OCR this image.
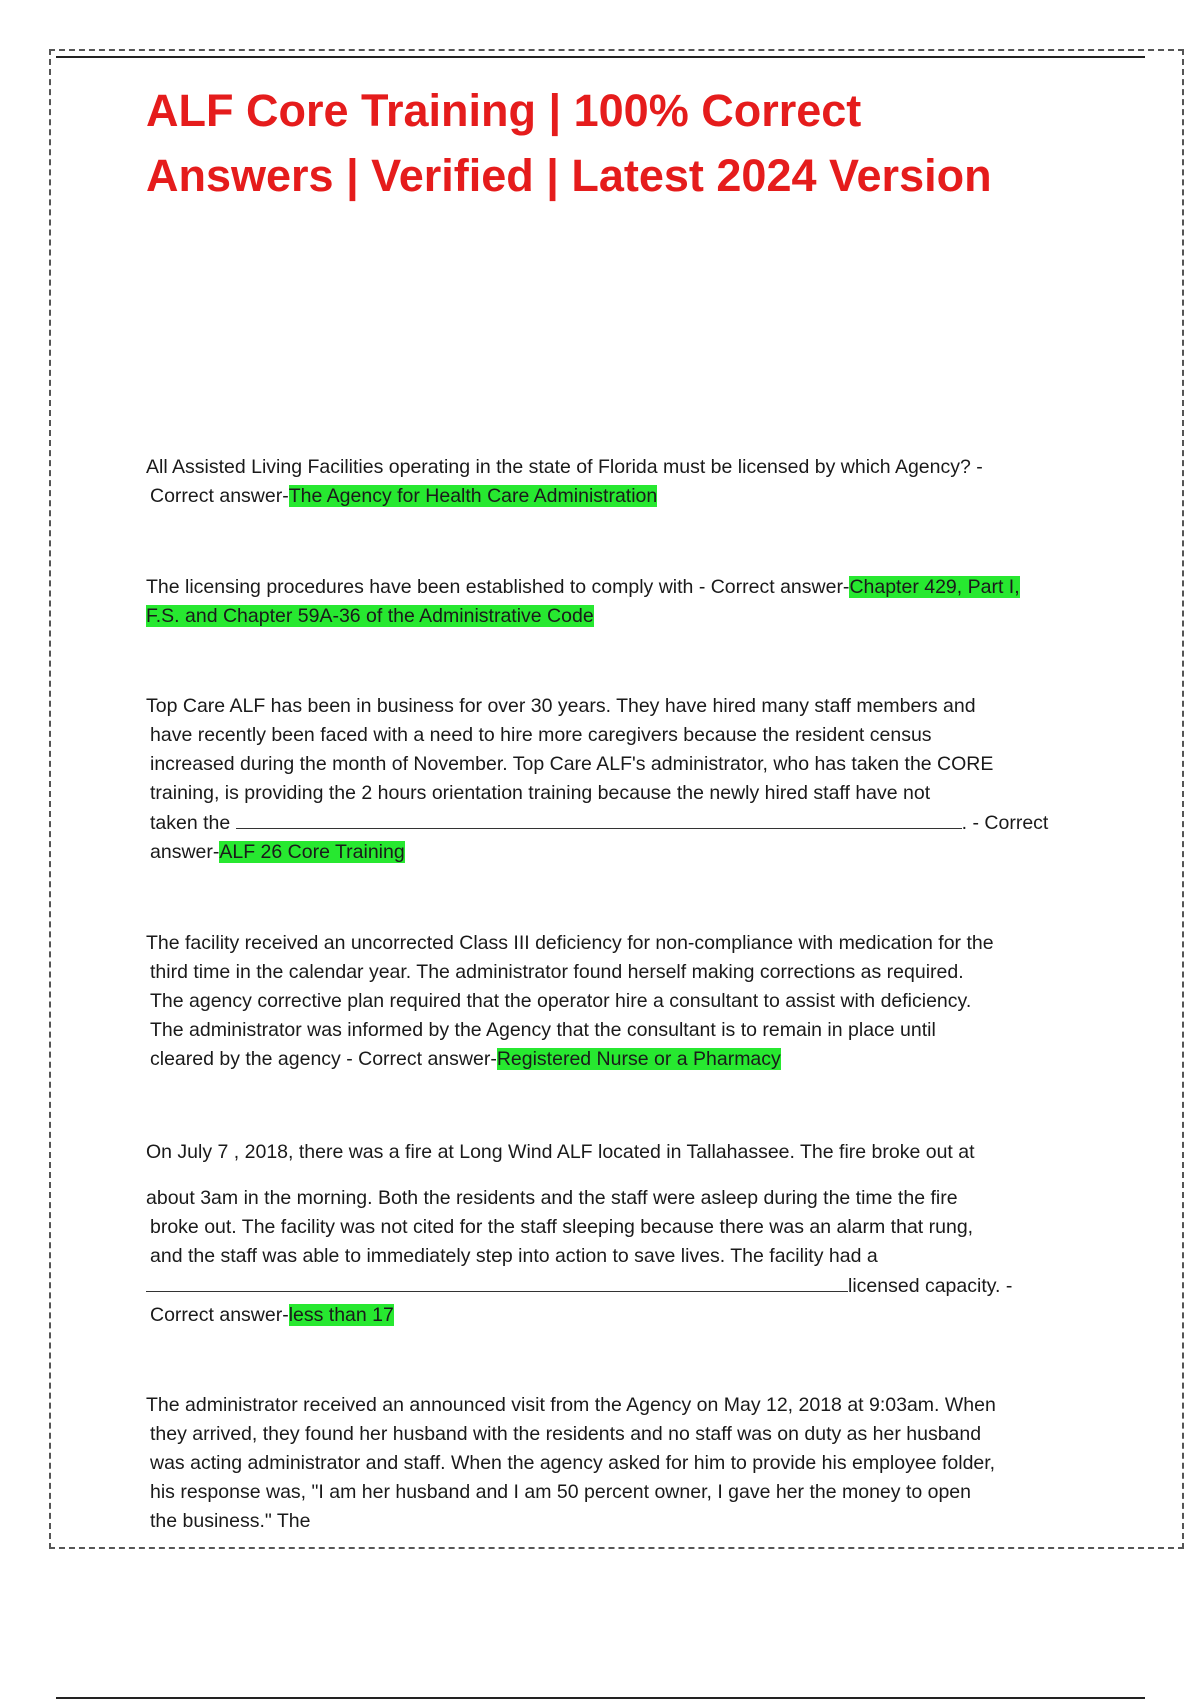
ALF Core Training | 100% Correct
Answers | Verified | Latest 2024 Version
All Assisted Living Facilities operating in the state of Florida must be licensed by which Agency? -
Correct answer-The Agency for Health Care Administration
The licensing procedures have been established to comply with - Correct answer-Chapter 429, Part I,
F.S. and Chapter 59A-36 of the Administrative Code
Top Care ALF has been in business for over 30 years. They have hired many staff members and
have recently been faced with a need to hire more caregivers because the resident census
increased during the month of November. Top Care ALF's administrator, who has taken the CORE
training, is providing the 2 hours orientation training because the newly hired staff have not
taken the	. - Correct
answer-ALF 26 Core Training
The facility received an uncorrected Class III deficiency for non-compliance with medication for the
third time in the calendar year. The administrator found herself making corrections as required.
The agency corrective plan required that the operator hire a consultant to assist with deficiency.
The administrator was informed by the Agency that the consultant is to remain in place until
cleared by the agency - Correct answer-Registered Nurse or a Pharmacy
On July 7 , 2018, there was a fire at Long Wind ALF located in Tallahassee. The fire broke out at
about 3am in the morning. Both the residents and the staff were asleep during the time the fire
broke out. The facility was not cited for the staff sleeping because there was an alarm that rung,
and the staff was able to immediately step into action to save lives. The facility had a
licensed capacity. -
Correct answer-less than 17
The administrator received an announced visit from the Agency on May 12, 2018 at 9:03am. When
they arrived, they found her husband with the residents and no staff was on duty as her husband
was acting administrator and staff. When the agency asked for him to provide his employee folder,
his response was, "I am her husband and I am 50 percent owner, I gave her the money to open
the business." The
